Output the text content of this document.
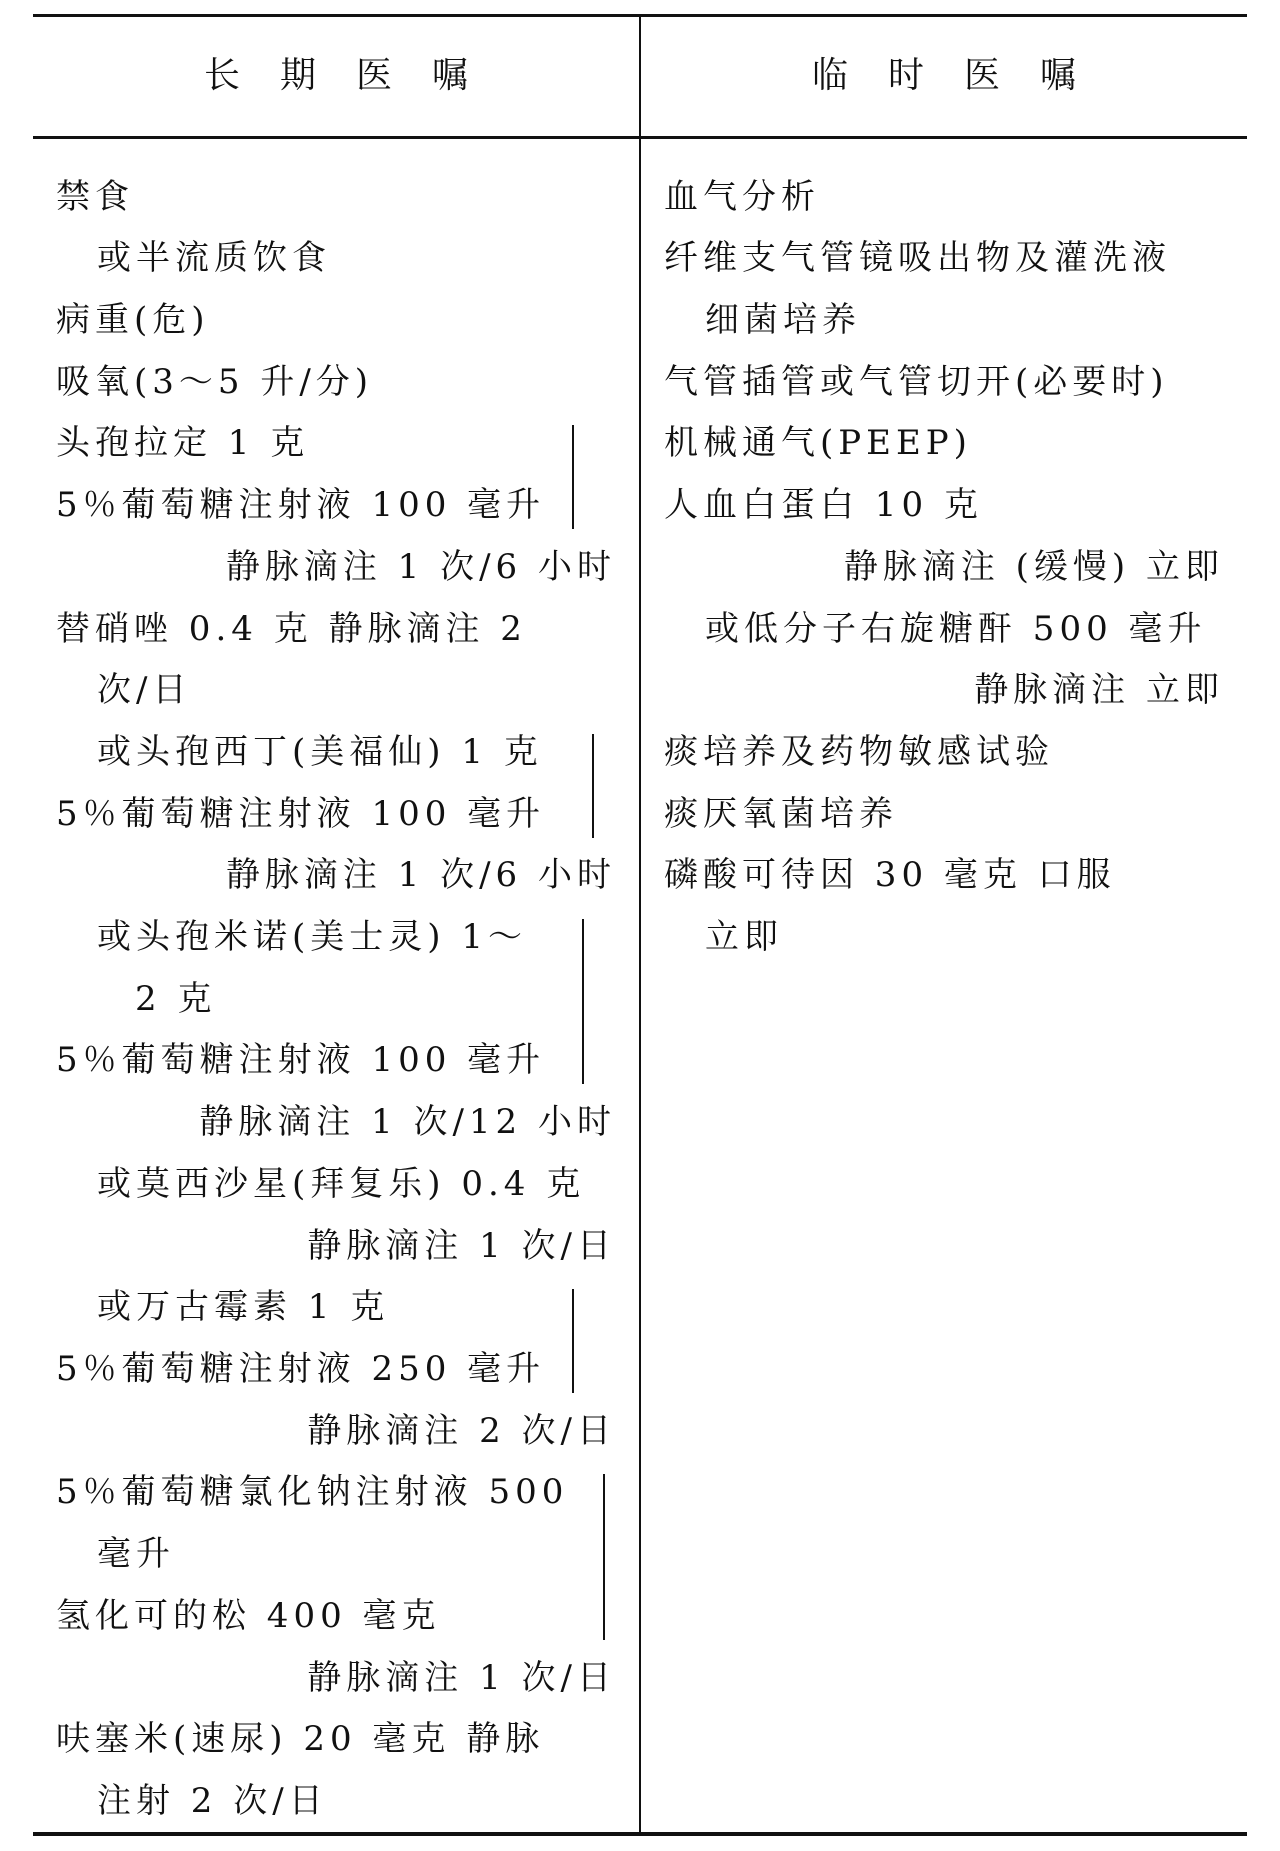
长期医嘱	临时医嘱
禁食
或半流质饮食
病重(危)
吸氧(3～5 升/分)
头孢拉定 1 克
5％葡萄糖注射液 100 毫升
静脉滴注 1 次/6 小时
替硝唑 0.4 克 静脉滴注 2
次/日
或头孢西丁(美福仙) 1 克
5％葡萄糖注射液 100 毫升
静脉滴注 1 次/6 小时
或头孢米诺(美士灵) 1～
2 克
5％葡萄糖注射液 100 毫升
静脉滴注 1 次/12 小时
或莫西沙星(拜复乐) 0.4 克
静脉滴注 1 次/日
或万古霉素 1 克
5％葡萄糖注射液 250 毫升
静脉滴注 2 次/日
5％葡萄糖氯化钠注射液 500
毫升
氢化可的松 400 毫克
静脉滴注 1 次/日
呋塞米(速尿) 20 毫克 静脉
注射 2 次/日
血气分析
纤维支气管镜吸出物及灌洗液
细菌培养
气管插管或气管切开(必要时)
机械通气(PEEP)
人血白蛋白 10 克
静脉滴注 (缓慢) 立即
或低分子右旋糖酐 500 毫升
静脉滴注 立即
痰培养及药物敏感试验
痰厌氧菌培养
磷酸可待因 30 毫克 口服
立即
